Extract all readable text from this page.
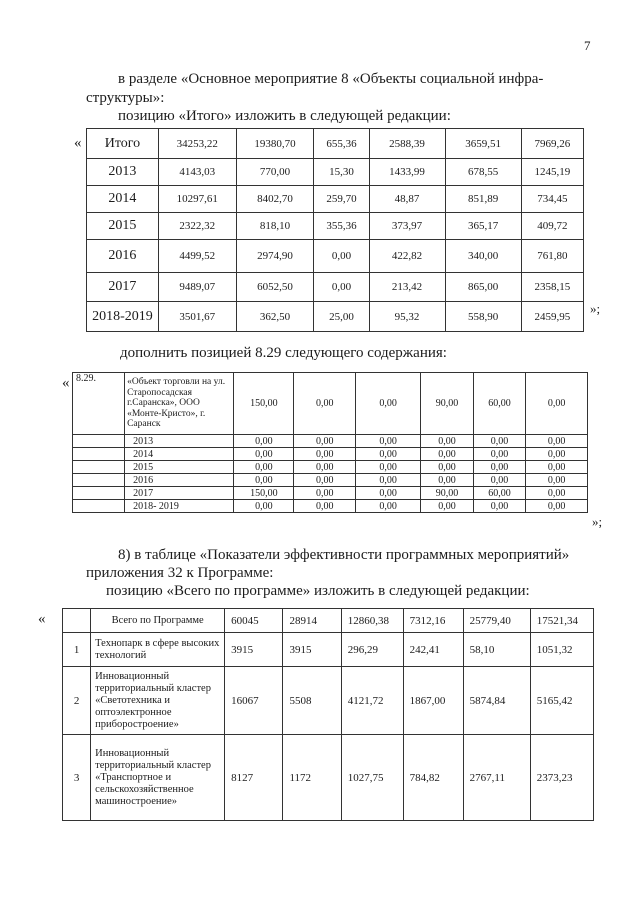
7
в разделе «Основное мероприятие 8 «Объекты социальной инфра-
структуры»:
позицию «Итого» изложить в следующей редакции:
« Итого	34253,22	19380,70	655,36	2588,39	3659,51	7969,26
2013	4143,03	770,00	15,30	1433,99	678,55	1245,19
2014	10297,61	8402,70	259,70	48,87	851,89	734,45
2015	2322,32	818,10	355,36	373,97	365,17	409,72
2016	4499,52	2974,90	0,00	422,82	340,00	761,80
2017	9489,07	6052,50	0,00	213,42	865,00	2358,15
2018-2019	3501,67	362,50	25,00	95,32	558,90	2459,95
»;
дополнить позицией 8.29 следующего содержания:
« 8.29.	«Объект торговли на ул. Старопосадская г.Саранска», ООО «Монте-Кристо», г. Саранск	150,00	0,00	0,00	90,00	60,00	0,00
	2013	0,00	0,00	0,00	0,00	0,00	0,00
	2014	0,00	0,00	0,00	0,00	0,00	0,00
	2015	0,00	0,00	0,00	0,00	0,00	0,00
	2016	0,00	0,00	0,00	0,00	0,00	0,00
	2017	150,00	0,00	0,00	90,00	60,00	0,00
	2018- 2019	0,00	0,00	0,00	0,00	0,00	0,00
»;
8) в таблице «Показатели эффективности программных мероприятий»
приложения 32 к Программе:
позицию «Всего по программе» изложить в следующей редакции:
«
		Всего по Программе	60045	28914	12860,38	7312,16	25779,40	17521,34
1	Технопарк в сфере высоких технологий	3915	3915	296,29	242,41	58,10	1051,32
2	Инновационный территориальный кластер «Светотехника и оптоэлектронное приборостроение»	16067	5508	4121,72	1867,00	5874,84	5165,42
3	Инновационный территориальный кластер «Транспортное и сельскохозяйственное машиностроение»	8127	1172	1027,75	784,82	2767,11	2373,23
